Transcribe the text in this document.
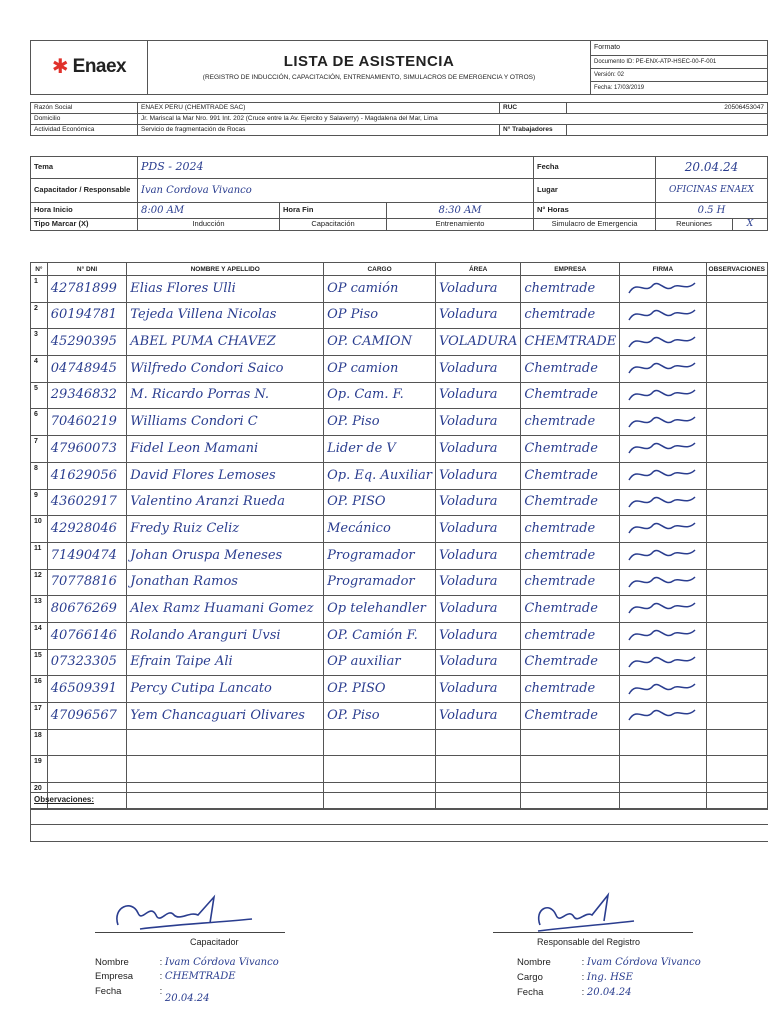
✱ Enaex	LISTA DE ASISTENCIA
(REGISTRO DE INDUCCIÓN, CAPACITACIÓN, ENTRENAMIENTO, SIMULACROS DE EMERGENCIA Y OTROS)
	Formato
Documento ID: PE-ENX-ATP-HSEC-00-F-001
Versión: 02
Fecha: 17/03/2019
Razón Social	ENAEX PERU (CHEMTRADE SAC)	RUC	20506453047
Domicilio	Jr. Mariscal la Mar Nro. 991 Int. 202 (Cruce entre la Av. Ejercito y Salaverry) - Magdalena del Mar, Lima		
Actividad Económica	Servicio de fragmentación de Rocas	N° Trabajadores	
Tema	PDS - 2024			Fecha	20.04.24	
Capacitador / Responsable	Ivan Cordova Vivanco			Lugar	OFICINAS ENAEX	
Hora Inicio	8:00 AM	Hora Fin	8:30 AM	N° Horas	0.5 H	
Tipo Marcar (X)	Inducción	Capacitación	Entrenamiento	Simulacro de Emergencia	Reuniones	X
N°	N° DNI	NOMBRE Y APELLIDO	CARGO	ÁREA	EMPRESA	FIRMA	OBSERVACIONES
1	42781899	Elias Flores Ulli	OP camión	Voladura	chemtrade		
2	60194781	Tejeda Villena Nicolas	OP Piso	Voladura	chemtrade		
3	45290395	ABEL PUMA CHAVEZ	OP. CAMION	VOLADURA	CHEMTRADE		
4	04748945	Wilfredo Condori Saico	OP camion	Voladura	Chemtrade		
5	29346832	M. Ricardo Porras N.	Op. Cam. F.	Voladura	Chemtrade		
6	70460219	Williams Condori C	OP. Piso	Voladura	chemtrade		
7	47960073	Fidel Leon Mamani	Lider de V	Voladura	Chemtrade		
8	41629056	David Flores Lemoses	Op. Eq. Auxiliar	Voladura	Chemtrade		
9	43602917	Valentino Aranzi Rueda	OP. PISO	Voladura	Chemtrade		
10	42928046	Fredy Ruiz Celiz	Mecánico	Voladura	chemtrade		
11	71490474	Johan Oruspa Meneses	Programador	Voladura	chemtrade		
12	70778816	Jonathan Ramos	Programador	Voladura	chemtrade		
13	80676269	Alex Ramz Huamani Gomez	Op telehandler	Voladura	Chemtrade		
14	40766146	Rolando Aranguri Uvsi	OP. Camión F.	Voladura	chemtrade		
15	07323305	Efrain Taipe Ali	OP auxiliar	Voladura	Chemtrade		
16	46509391	Percy Cutipa Lancato	OP. PISO	Voladura	chemtrade		
17	47096567	Yem Chancaguari Olivares	OP. Piso	Voladura	Chemtrade		
18							
19							
20							
Observaciones:
Capacitador
Nombre	: Ivam Córdova Vivanco
Empresa	: CHEMTRADE
Fecha	: 20.04.24
Responsable del Registro
Nombre	: Ivam Córdova Vivanco
Cargo	: Ing. HSE
Fecha	: 20.04.24
